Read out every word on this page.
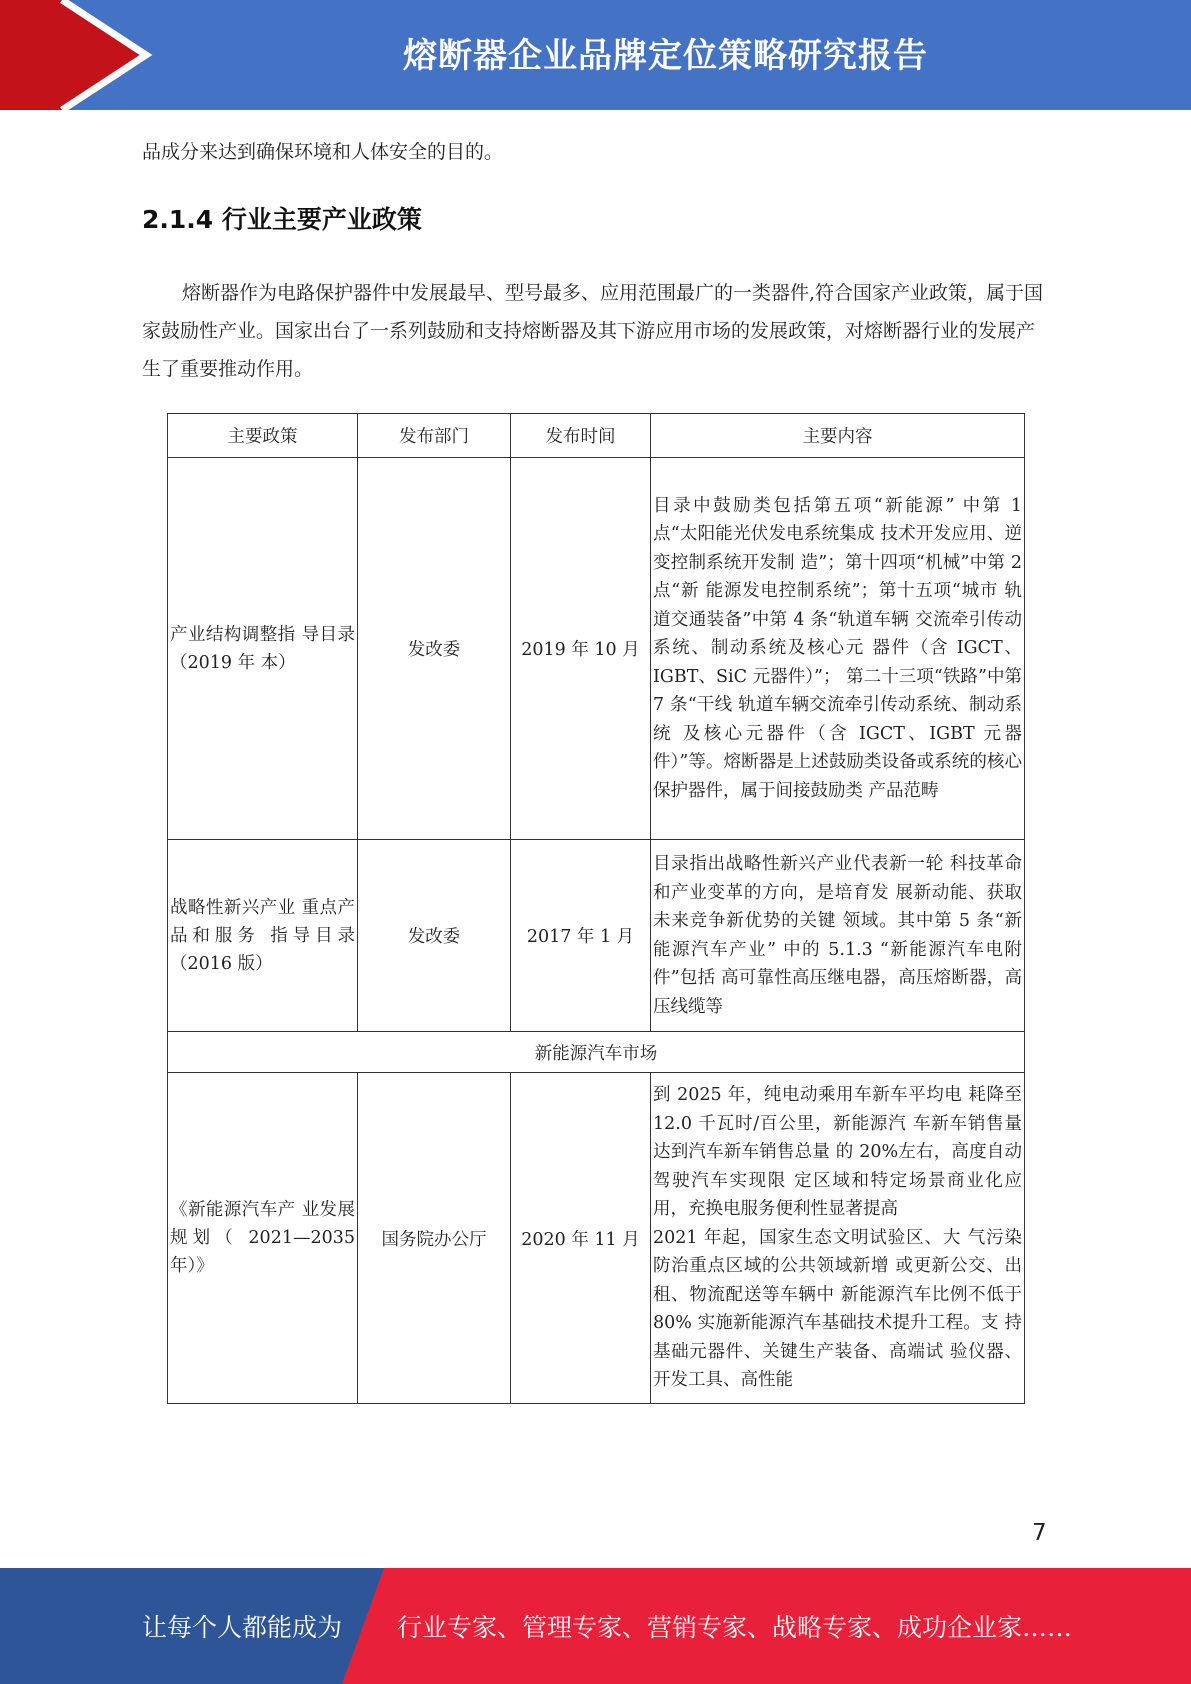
熔断器企业品牌定位策略研究报告

品成分来达到确保环境和人体安全的目的。

2.1.4 行业主要产业政策

熔断器作为电路保护器件中发展最早、型号最多、应用范围最广的一类器件,符合国家产业政策，属于国家鼓励性产业。国家出台了一系列鼓励和支持熔断器及其下游应用市场的发展政策，对熔断器行业的发展产生了重要推动作用。

主要政策	发布部门	发布时间	主要内容
产业结构调整指 导目录（2019 年 本）	发改委	2019 年 10 月	目录中鼓励类包括第五项“新能源” 中第 1 点“太阳能光伏发电系统集成 技术开发应用、逆变控制系统开发制 造”；第十四项“机械”中第 2 点“新 能源发电控制系统”；第十五项“城市 轨道交通装备”中第 4 条“轨道车辆 交流牵引传动系统、制动系统及核心元 器件（含 IGCT、IGBT、SiC 元器件）”； 第二十三项“铁路”中第 7 条“干线 轨道车辆交流牵引传动系统、制动系统 及核心元器件（含 IGCT、IGBT 元器 件）”等。熔断器是上述鼓励类设备或系统的核心保护器件，属于间接鼓励类 产品范畴
战略性新兴产业 重点产品和服务 指导目录（2016 版）	发改委	2017 年 1 月	目录指出战略性新兴产业代表新一轮 科技革命和产业变革的方向，是培育发 展新动能、获取未来竞争新优势的关键 领域。其中第 5 条“新能源汽车产业” 中的 5.1.3 “新能源汽车电附件”包括 高可靠性高压继电器，高压熔断器，高 压线缆等
新能源汽车市场			
《新能源汽车产 业发展规划（ 2021—2035 年）》	国务院办公厅	2020 年 11 月	到 2025 年，纯电动乘用车新车平均电 耗降至 12.0 千瓦时/百公里，新能源汽 车新车销售量达到汽车新车销售总量 的 20%左右，高度自动驾驶汽车实现限 定区域和特定场景商业化应用，充换电服务便利性显著提高
2021 年起，国家生态文明试验区、大 气污染防治重点区域的公共领域新增 或更新公交、出租、物流配送等车辆中 新能源汽车比例不低于 80% 实施新能源汽车基础技术提升工程。支 持基础元器件、关键生产装备、高端试 验仪器、开发工具、高性能
7
让每个人都能成为 行业专家、管理专家、营销专家、战略专家、成功企业家……
